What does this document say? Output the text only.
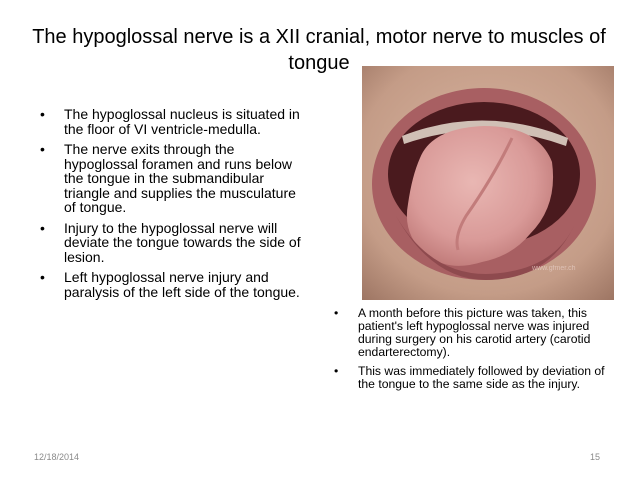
The hypoglossal nerve is a XII cranial, motor nerve to muscles of tongue
• The hypoglossal nucleus is situated in the floor of VI ventricle-medulla.
• The nerve exits through the hypoglossal foramen and runs below the tongue in the submandibular triangle and supplies the musculature of tongue.
• Injury to the hypoglossal nerve will deviate the tongue towards the side of lesion.
• Left hypoglossal nerve injury and paralysis of the left side of the tongue.
www.gfmer.ch
• A month before this picture was taken, this patient's left hypoglossal nerve was injured during surgery on his carotid artery (carotid endarterectomy).
• This was immediately followed by deviation of the tongue to the same side as the injury.
12/18/2014	15
